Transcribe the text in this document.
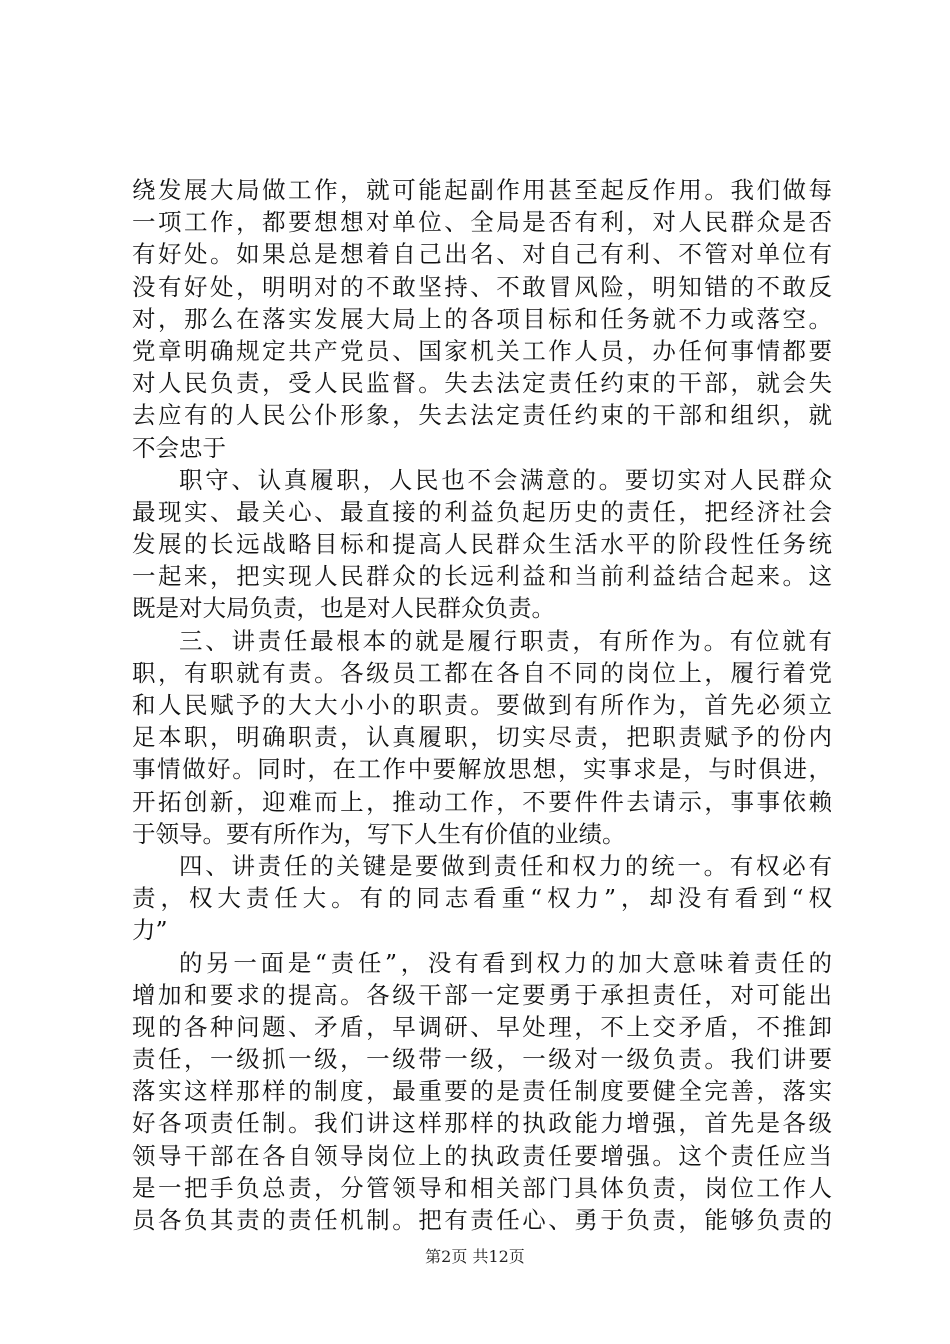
绕发展大局做工作，就可能起副作用甚至起反作用。我们做每
一项工作，都要想想对单位、全局是否有利，对人民群众是否
有好处。如果总是想着自己出名、对自己有利、不管对单位有
没有好处，明明对的不敢坚持、不敢冒风险，明知错的不敢反
对，那么在落实发展大局上的各项目标和任务就不力或落空。
党章明确规定共产党员、国家机关工作人员，办任何事情都要
对人民负责，受人民监督。失去法定责任约束的干部，就会失
去应有的人民公仆形象，失去法定责任约束的干部和组织，就
不会忠于
职守、认真履职，人民也不会满意的。要切实对人民群众
最现实、最关心、最直接的利益负起历史的责任，把经济社会
发展的长远战略目标和提高人民群众生活水平的阶段性任务统
一起来，把实现人民群众的长远利益和当前利益结合起来。这
既是对大局负责，也是对人民群众负责。
三、讲责任最根本的就是履行职责，有所作为。有位就有
职，有职就有责。各级员工都在各自不同的岗位上，履行着党
和人民赋予的大大小小的职责。要做到有所作为，首先必须立
足本职，明确职责，认真履职，切实尽责，把职责赋予的份内
事情做好。同时，在工作中要解放思想，实事求是，与时俱进，
开拓创新，迎难而上，推动工作，不要件件去请示，事事依赖
于领导。要有所作为，写下人生有价值的业绩。
四、讲责任的关键是要做到责任和权力的统一。有权必有
责，权大责任大。有的同志看重“权力”，却没有看到“权
力”
的另一面是“责任”，没有看到权力的加大意味着责任的
增加和要求的提高。各级干部一定要勇于承担责任，对可能出
现的各种问题、矛盾，早调研、早处理，不上交矛盾，不推卸
责任，一级抓一级，一级带一级，一级对一级负责。我们讲要
落实这样那样的制度，最重要的是责任制度要健全完善，落实
好各项责任制。我们讲这样那样的执政能力增强，首先是各级
领导干部在各自领导岗位上的执政责任要增强。这个责任应当
是一把手负总责，分管领导和相关部门具体负责，岗位工作人
员各负其责的责任机制。把有责任心、勇于负责，能够负责的
第2页 共12页
